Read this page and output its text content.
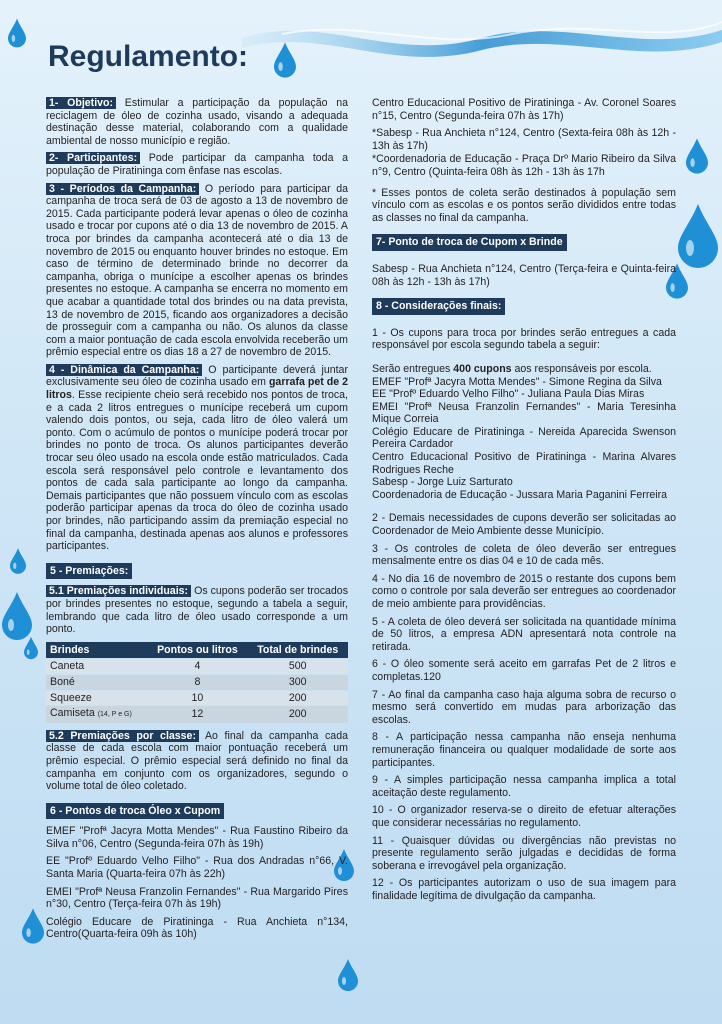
Regulamento:

1- Objetivo: Estimular a participação da população na reciclagem de óleo de cozinha usado, visando a adequada destinação desse material, colaborando com a qualidade ambiental de nosso município e região.

2- Participantes: Pode participar da campanha toda a população de Piratininga com ênfase nas escolas.

3 - Períodos da Campanha: O período para participar da campanha de troca será de 03 de agosto a 13 de novembro de 2015. Cada participante poderá levar apenas o óleo de cozinha usado e trocar por cupons até o dia 13 de novembro de 2015. A troca por brindes da campanha acontecerá até o dia 13 de novembro de 2015 ou enquanto houver brindes no estoque. Em caso de término de determinado brinde no decorrer da campanha, obriga o munícipe a escolher apenas os brindes presentes no estoque. A campanha se encerra no momento em que acabar a quantidade total dos brindes ou na data prevista, 13 de novembro de 2015, ficando aos organizadores a decisão de prosseguir com a campanha ou não. Os alunos da classe com a maior pontuação de cada escola envolvida receberão um prêmio especial entre os dias 18 a 27 de novembro de 2015.

4 - Dinâmica da Campanha: O participante deverá juntar exclusivamente seu óleo de cozinha usado em garrafa pet de 2 litros. Esse recipiente cheio será recebido nos pontos de troca, e a cada 2 litros entregues o munícipe receberá um cupom valendo dois pontos, ou seja, cada litro de óleo valerá um ponto. Com o acúmulo de pontos o munícipe poderá trocar por brindes no ponto de troca. Os alunos participantes deverão trocar seu óleo usado na escola onde estão matriculados. Cada escola será responsável pelo controle e levantamento dos pontos de cada sala participante ao longo da campanha. Demais participantes que não possuem vínculo com as escolas poderão participar apenas da troca do óleo de cozinha usado por brindes, não participando assim da premiação especial no final da campanha, destinada apenas aos alunos e professores participantes.

5 - Premiações:

5.1 Premiações individuais: Os cupons poderão ser trocados por brindes presentes no estoque, segundo a tabela a seguir, lembrando que cada litro de óleo usado corresponde a um ponto.

Brindes	Pontos ou litros	Total de brindes
Caneta	4	500
Boné	8	300
Squeeze	10	200
Camiseta (14, P e G)	12	200

5.2 Premiações por classe: Ao final da campanha cada classe de cada escola com maior pontuação receberá um prêmio especial. O prêmio especial será definido no final da campanha em conjunto com os organizadores, segundo o volume total de óleo coletado.

6 - Pontos de troca Óleo x Cupom

EMEF "Profª Jacyra Motta Mendes" - Rua Faustino Ribeiro da Silva n°06, Centro (Segunda-feira 07h às 19h)

EE "Profº Eduardo Velho Filho" - Rua dos Andradas n°66, V. Santa Maria (Quarta-feira 07h às 22h)

EMEI "Profª Neusa Franzolin Fernandes" - Rua Margarido Pires n°30, Centro (Terça-feira 07h às 19h)

Colégio Educare de Piratininga - Rua Anchieta n°134, Centro(Quarta-feira 09h às 10h)

Centro Educacional Positivo de Piratininga - Av. Coronel Soares n°15, Centro (Segunda-feira 07h às 17h)

*Sabesp - Rua Anchieta n°124, Centro (Sexta-feira 08h às 12h - 13h às 17h)

*Coordenadoria de Educação - Praça Drº Mario Ribeiro da Silva n°9, Centro (Quinta-feira 08h às 12h - 13h às 17h

* Esses pontos de coleta serão destinados à população sem vínculo com as escolas e os pontos serão divididos entre todas as classes no final da campanha.

7- Ponto de troca de Cupom x Brinde

Sabesp - Rua Anchieta n°124, Centro (Terça-feira e Quinta-feira 08h às 12h - 13h às 17h)

8 - Considerações finais:

1 - Os cupons para troca por brindes serão entregues a cada responsável por escola segundo tabela a seguir:

Serão entregues 400 cupons aos responsáveis por escola.

EMEF "Profª Jacyra Motta Mendes" - Simone Regina da Silva

EE "Profº Eduardo Velho Filho" - Juliana Paula Dias Miras

EMEI "Profª Neusa Franzolin Fernandes" - Maria Teresinha Mique Correia

Colégio Educare de Piratininga - Nereida Aparecida Swenson Pereira Cardador

Centro Educacional Positivo de Piratininga - Marina Alvares Rodrigues Reche

Sabesp - Jorge Luiz Sarturato

Coordenadoria de Educação - Jussara Maria Paganini Ferreira

2 - Demais necessidades de cupons deverão ser solicitadas ao Coordenador de Meio Ambiente desse Município.

3 - Os controles de coleta de óleo deverão ser entregues mensalmente entre os dias 04 e 10 de cada mês.

4 - No dia 16 de novembro de 2015 o restante dos cupons bem como o controle por sala deverão ser entregues ao coordenador de meio ambiente para providências.

5 - A coleta de óleo deverá ser solicitada na quantidade mínima de 50 litros, a empresa ADN apresentará nota controle na retirada.

6 - O óleo somente será aceito em garrafas Pet de 2 litros e completas.120

7 - Ao final da campanha caso haja alguma sobra de recurso o mesmo será convertido em mudas para arborização das escolas.

8 - A participação nessa campanha não enseja nenhuma remuneração financeira ou qualquer modalidade de sorte aos participantes.

9 - A simples participação nessa campanha implica a total aceitação deste regulamento.

10 - O organizador reserva-se o direito de efetuar alterações que considerar necessárias no regulamento.

11 - Quaisquer dúvidas ou divergências não previstas no presente regulamento serão julgadas e decididas de forma soberana e irrevogável pela organização.

12 - Os participantes autorizam o uso de sua imagem para finalidade legítima de divulgação da campanha.
